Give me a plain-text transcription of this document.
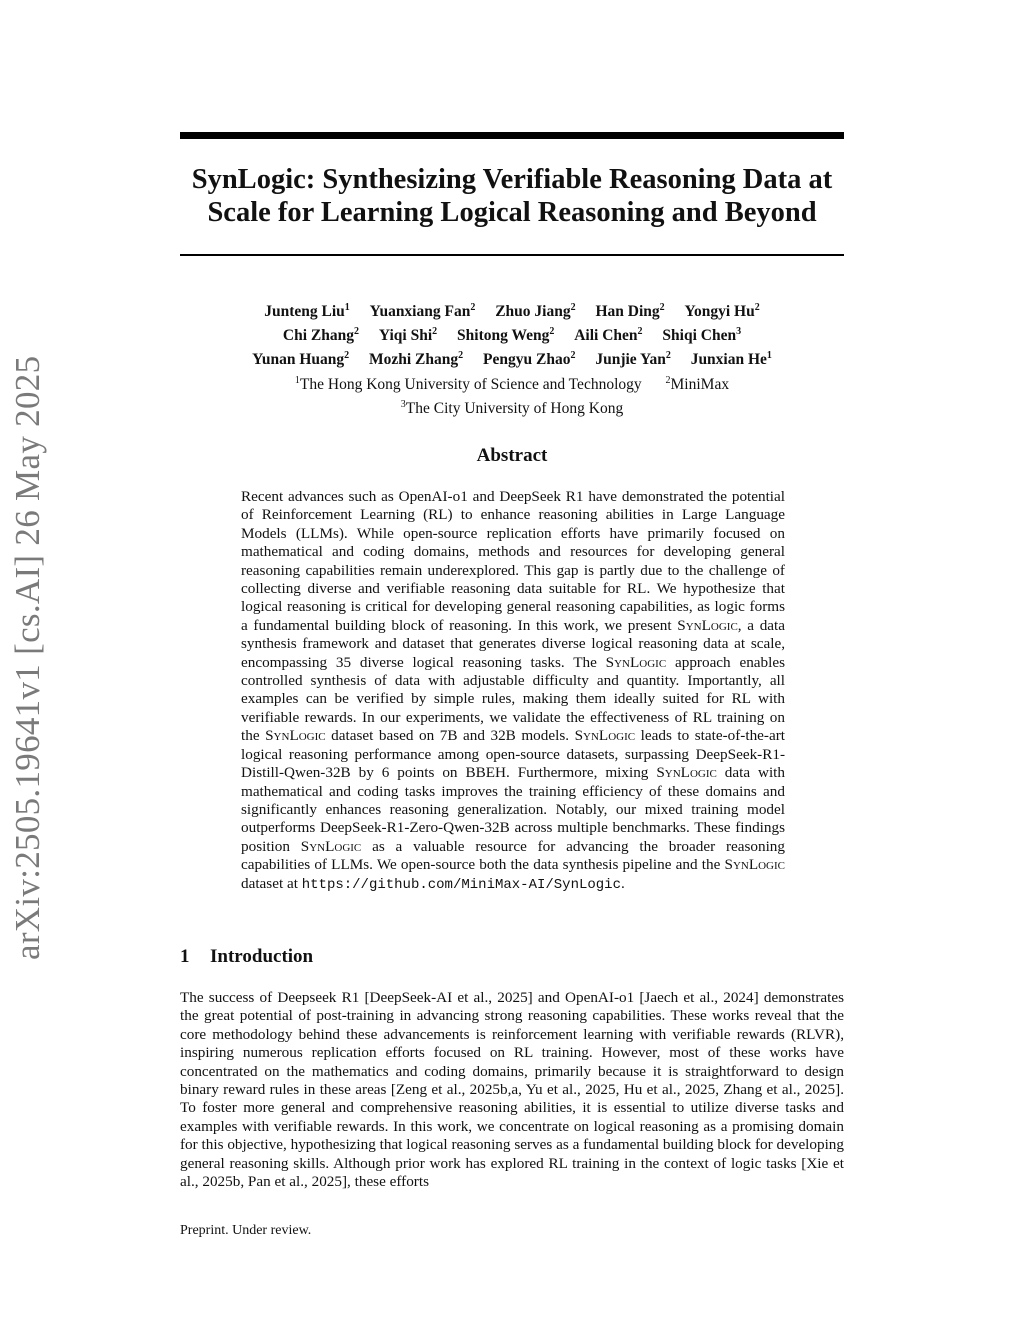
arXiv:2505.19641v1 [cs.AI] 26 May 2025
SynLogic: Synthesizing Verifiable Reasoning Data at
Scale for Learning Logical Reasoning and Beyond
Junteng Liu$^1$ Yuanxiang Fan$^2$ Zhuo Jiang$^2$ Han Ding$^2$ Yongyi Hu$^2$
Chi Zhang$^2$ Yiqi Shi$^2$ Shitong Weng$^2$ Aili Chen$^2$ Shiqi Chen$^3$
Yunan Huang$^2$ Mozhi Zhang$^2$ Pengyu Zhao$^2$ Junjie Yan$^2$ Junxian He$^1$
$^1$The Hong Kong University of Science and Technology $^2$MiniMax
$^3$The City University of Hong Kong
Abstract
Recent advances such as OpenAI-o1 and DeepSeek R1 have demonstrated the potential of Reinforcement Learning (RL) to enhance reasoning abilities in Large Language Models (LLMs). While open-source replication efforts have primarily focused on mathematical and coding domains, methods and resources for developing general reasoning capabilities remain underexplored. This gap is partly due to the challenge of collecting diverse and verifiable reasoning data suitable for RL. We hypothesize that logical reasoning is critical for developing general reasoning capabilities, as logic forms a fundamental building block of reasoning. In this work, we present SynLogic, a data synthesis framework and dataset that generates diverse logical reasoning data at scale, encompassing 35 diverse logical reasoning tasks. The SynLogic approach enables controlled synthesis of data with adjustable difficulty and quantity. Importantly, all examples can be verified by simple rules, making them ideally suited for RL with verifiable rewards. In our experiments, we validate the effectiveness of RL training on the SynLogic dataset based on 7B and 32B models. SynLogic leads to state-of-the-art logical reasoning performance among open-source datasets, surpassing DeepSeek-R1-Distill-Qwen-32B by 6 points on BBEH. Furthermore, mixing SynLogic data with mathematical and coding tasks improves the training efficiency of these domains and significantly enhances reasoning generalization. Notably, our mixed training model outperforms DeepSeek-R1-Zero-Qwen-32B across multiple benchmarks. These findings position SynLogic as a valuable resource for advancing the broader reasoning capabilities of LLMs. We open-source both the data synthesis pipeline and the SynLogic dataset at https://github.com/MiniMax-AI/SynLogic.
1 Introduction
The success of Deepseek R1 [DeepSeek-AI et al., 2025] and OpenAI-o1 [Jaech et al., 2024] demonstrates the great potential of post-training in advancing strong reasoning capabilities. These works reveal that the core methodology behind these advancements is reinforcement learning with verifiable rewards (RLVR), inspiring numerous replication efforts focused on RL training. However, most of these works have concentrated on the mathematics and coding domains, primarily because it is straightforward to design binary reward rules in these areas [Zeng et al., 2025b,a, Yu et al., 2025, Hu et al., 2025, Zhang et al., 2025]. To foster more general and comprehensive reasoning abilities, it is essential to utilize diverse tasks and examples with verifiable rewards. In this work, we concentrate on logical reasoning as a promising domain for this objective, hypothesizing that logical reasoning serves as a fundamental building block for developing general reasoning skills. Although prior work has explored RL training in the context of logic tasks [Xie et al., 2025b, Pan et al., 2025], these efforts
Preprint. Under review.
